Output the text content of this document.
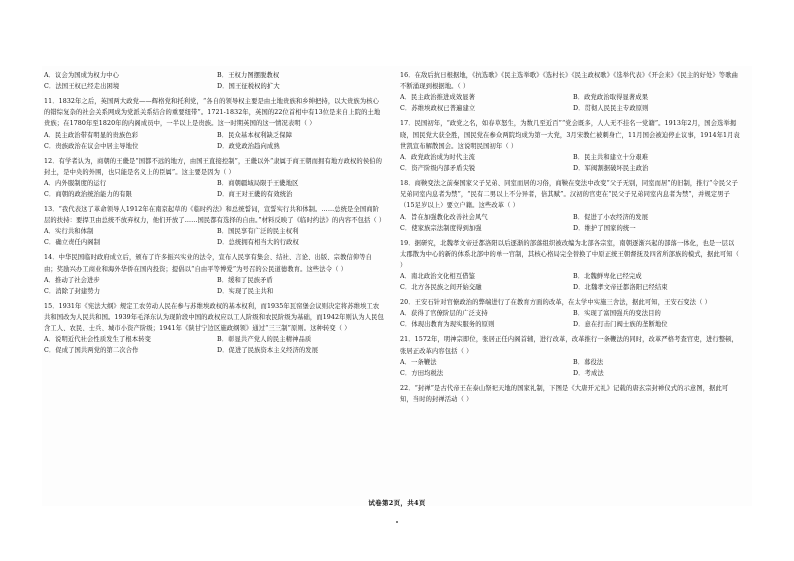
A．议会为国成为权力中心	B．王权力图摆脱教权
C．法国王权已经走出困境	D．国王征税权的扩大
11．1832年之后，英国两大政党——辉格党和托利党，“各自的领导权主要是由土地贵族和乡绅把持，以大贵族为核心的错综复杂的社会关系网成为党派关系结合的重要纽带”。1721-1832年，英国的22位首相中有13位是来自上院的土地贵族；在1780年至1820年的内阁成员中，一半以上是贵族。这一时期英国的这一情况表明（ ）
A．民主政治带有明显的贵族色彩	B．民众基本权利缺乏保障
C．贵族政治在议会中居主导地位	D．政党政治趋向成熟
12．有学者认为，商朝的王畿是“国都不远的地方，由国王直接控制”，王畿以外“隶属于商王朝而拥有地方政权的侯伯的封土，是中央的外围，也只能是名义上的臣属”。这主要是因为（ ）
A．内外服制度的运行	B．商朝疆域局限于王畿地区
C．商朝的政治统治能力的有限	D．商王对王畿的有效统治
13．“我代表这了革命领导人1912年在南京起草的《临时约法》和总统誓词，宣誓实行共和体制。……总统是全国商阶层的扶持：要捍卫由总统不放弃权力，他们开放了……国民都有选择的自由。”材料反映了《临时约法》的内容不包括（ ）
A．实行共和体制	B．国民享有广泛的民主权利
C．确立责任内阁制	D．总统拥有相当大的行政权
14．中华民国临时政府成立后，颁布了许多振兴实业的法令，宣布人民享有集会、结社、言论、出版、宗教信仰等自由；奖励兴办工商业和海外华侨在国内投资；提倡以“自由平等博爱”为号召的公民道德教育。这些法令（ ）
A．推动了社会进步	B．缓和了民族矛盾
C．消除了封建势力	D．实现了民主共和
15．1931年《宪法大纲》规定工农劳动人民在参与苏维埃政权的基本权利，而1935年瓦窑堡会议则决定将苏维埃工农共和国改为人民共和国。1939年毛泽东认为现阶段中国的政权应以工人阶级和农民阶级为基础，而1942年则认为人民包含工人、农民、士兵、城市小资产阶级；1941年《陕甘宁边区施政纲领》通过“三三制”原则。这种转变（ ）
A．说明近代社会性质发生了根本转变	B．彰显共产党人的民主精神品质
C．促成了国共两党的第二次合作	D．促进了民族资本主义经济的发展
16．在敌后抗日根据地，《抗选歌》《民主选举歌》《选村长》《民主政权歌》《选举代表》《开会来》《民主的好处》等歌曲不断涌现到根据地。（ ）
A．民主政治推进成效显著	B．政党政治取得显著成果
C．苏维埃政权已普遍建立	D．贯彻人民民主专政原则
17．民国初年，“政党之名，如春草怒生，为数几至近百”“党会既多，人人无不挂名一党籍”。1913年2月，国会选举揭晓，国民党大获全胜，国民党在参众两院均成为第一大党，3月宋教仁被刺身亡，11月国会被迫停止议事，1914年1月袁世凯宣布解散国会。这说明民国初年（ ）
A．政党政治成为时代主流	B．民主共和建立十分艰难
C．资产阶级内部矛盾尖锐	D．军阀割据破坏民主政治
18．商鞅变法之前秦国家父子兄弟、同室而居的习俗，商鞅在变法中改变“父子无别，同室而居”的旧制，推行“令民父子兄弟同室内息者为禁”，“民有二男以上不分异者，倍其赋”。汉初的官吏在“民父子兄弟同室内息者为禁”，并规定男子（15足岁以上）要立户籍。这些改革（ ）
A．旨在加强教化改善社会风气	B．促进了小农经济的发展
C．使家族宗法制度得到加强	D．维护了国家的统一
19．据研究，北魏孝文帝迁都洛阳以后逐渐的部落组织被改编为北部各宗室，南朝逐渐兴起的部落一体化，也是一层以太郡散为中心的新的体系北部中的单一官制，其核心格局完全替换了中原正统王朝督抚及四省所部族的模式，据此可知（ ）
A．南北政治文化相互借鉴	B．北魏鲜卑化已经完成
C．北方各民族之间开始交融	D．北魏孝文帝迁都洛阳已经结束
20．王安石针对官僚政治的弊端进行了在教育方面的改革，在太学中实施三舍法，据此可知，王安石变法（ ）
A．获得了官僚阶层的广泛支持	B．实现了富国强兵的变法目的
C．体现出教育为现实服务的原则	D．意在打击门阀士族的垄断地位
21．1572年，明神宗即位，张居正任内阁首辅，进行改革，改革推行一条鞭法的同时，改革严格考查官吏，进行整顿，张居正改革内容包括（ ）
A．一条鞭法	B．募役法
C．方田均税法	D．考成法
22．“封禅”是古代帝王在泰山祭祀天地的国家礼制，下图是《大唐开元礼》记载的唐玄宗封禅仪式的示意图，据此可知，当时的封禅活动（ ）
试卷第2页，共4页
